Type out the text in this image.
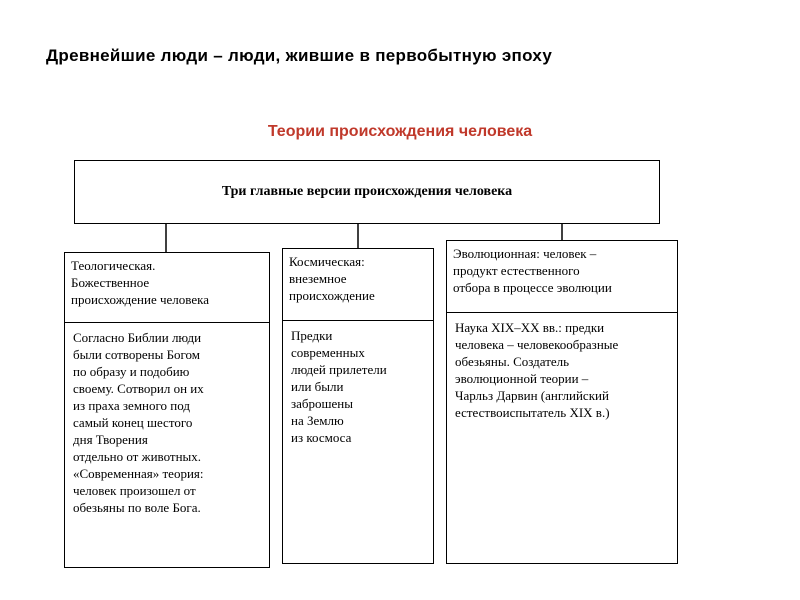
Древнейшие люди – люди, жившие в первобытную эпоху
Теории происхождения человека
Три главные версии происхождения человека
Теологическая.
Божественное
происхождение человека
Согласно Библии люди
были сотворены Богом
по образу и подобию
своему. Сотворил он их
из праха земного под
самый конец шестого
дня Творения
отдельно от животных.
«Современная» теория:
человек произошел от
обезьяны по воле Бога.
Космическая:
внеземное
происхождение
Предки
современных
людей прилетели
или были
заброшены
на Землю
из космоса
Эволюционная: человек –
продукт естественного
отбора в процессе эволюции
Наука XIX–XX вв.: предки
человека – человекообразные
обезьяны. Создатель
эволюционной теории –
Чарльз Дарвин (английский
естествоиспытатель XIX в.)
